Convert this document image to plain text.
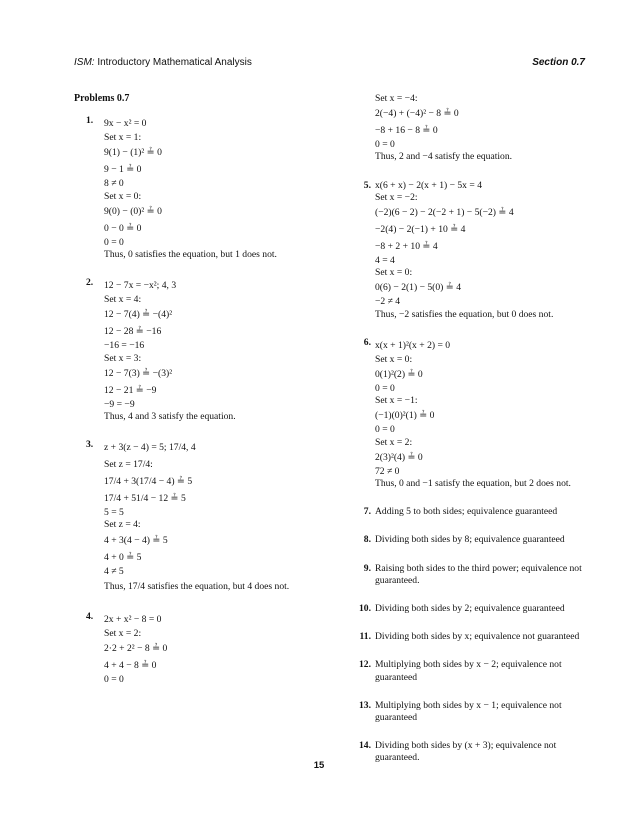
ISM: Introductory Mathematical Analysis	Section 0.7
Problems 0.7
1. 9x − x² = 0
Set x = 1:
9(1) − (1)² ≟ 0
9 − 1 ≟ 0
8 ≠ 0
Set x = 0:
9(0) − (0)² ≟ 0
0 − 0 ≟ 0
0 = 0
Thus, 0 satisfies the equation, but 1 does not.
2. 12 − 7x = −x²; 4, 3
Set x = 4:
12 − 7(4) ≟ −(4)²
12 − 28 ≟ −16
−16 = −16
Set x = 3:
12 − 7(3) ≟ −(3)²
12 − 21 ≟ −9
−9 = −9
Thus, 4 and 3 satisfy the equation.
3. z + 3(z − 4) = 5; 17/4, 4
Set z = 17/4:
17/4 + 3(17/4 − 4) ≟ 5
17/4 + 51/4 − 12 ≟ 5
5 = 5
Set z = 4:
4 + 3(4 − 4) ≟ 5
4 + 0 ≟ 5
4 ≠ 5
Thus, 17/4 satisfies the equation, but 4 does not.
4. 2x + x² − 8 = 0
Set x = 2:
2·2 + 2² − 8 ≟ 0
4 + 4 − 8 ≟ 0
0 = 0
Set x = −4:
2(−4) + (−4)² − 8 ≟ 0
−8 + 16 − 8 ≟ 0
0 = 0
Thus, 2 and −4 satisfy the equation.
5. x(6 + x) − 2(x + 1) − 5x = 4
Set x = −2:
(−2)(6 − 2) − 2(−2 + 1) − 5(−2) ≟ 4
−2(4) − 2(−1) + 10 ≟ 4
−8 + 2 + 10 ≟ 4
4 = 4
Set x = 0:
0(6) − 2(1) − 5(0) ≟ 4
−2 ≠ 4
Thus, −2 satisfies the equation, but 0 does not.
6. x(x + 1)²(x + 2) = 0
Set x = 0:
0(1)²(2) ≟ 0
0 = 0
Set x = −1:
(−1)(0)²(1) ≟ 0
0 = 0
Set x = 2:
2(3)²(4) ≟ 0
72 ≠ 0
Thus, 0 and −1 satisfy the equation, but 2 does not.
7. Adding 5 to both sides; equivalence guaranteed
8. Dividing both sides by 8; equivalence guaranteed
9. Raising both sides to the third power; equivalence not guaranteed.
10. Dividing both sides by 2; equivalence guaranteed
11. Dividing both sides by x; equivalence not guaranteed
12. Multiplying both sides by x − 2; equivalence not guaranteed
13. Multiplying both sides by x − 1; equivalence not guaranteed
14. Dividing both sides by (x + 3); equivalence not guaranteed.
15
